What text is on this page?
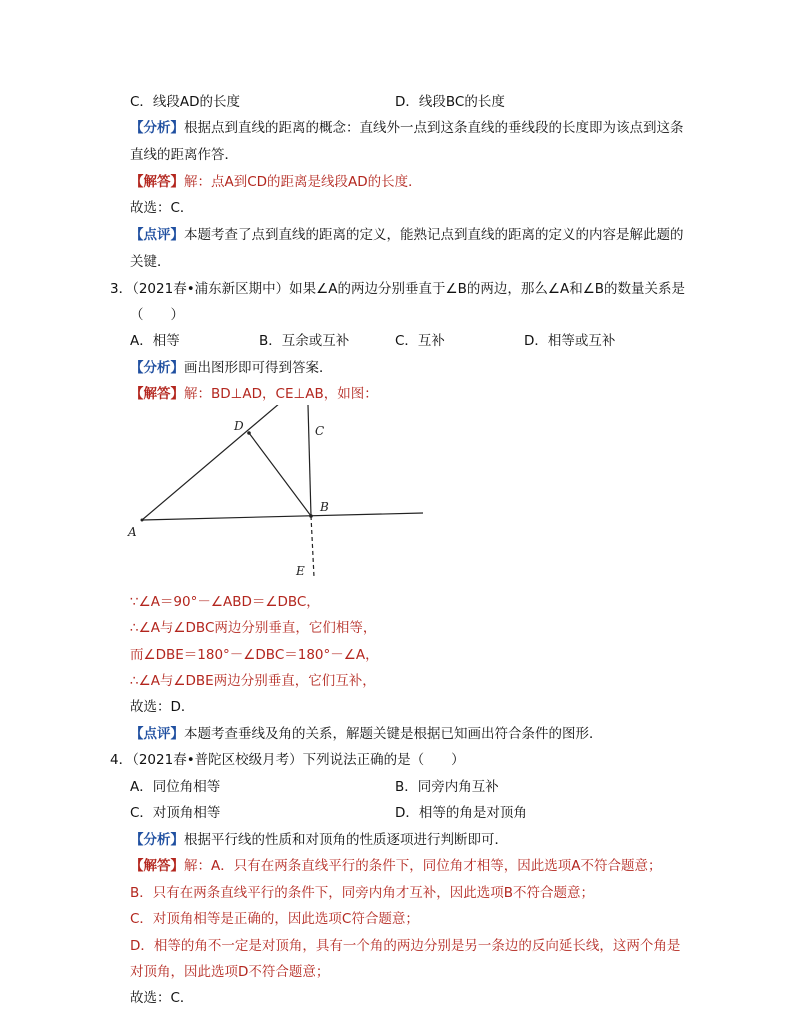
C．线段AD的长度	D．线段BC的长度
【分析】根据点到直线的距离的概念：直线外一点到这条直线的垂线段的长度即为该点到这条
直线的距离作答．
【解答】解：点A到CD的距离是线段AD的长度．
故选：C．
【点评】本题考查了点到直线的距离的定义，能熟记点到直线的距离的定义的内容是解此题的
关键．
3．（2021春•浦东新区期中）如果∠A的两边分别垂直于∠B的两边，那么∠A和∠B的数量关系是
（　　）
A．相等	B．互余或互补	C．互补	D．相等或互补
【分析】画出图形即可得到答案．
【解答】解：BD⊥AD，CE⊥AB，如图：
D	C
B
A
E
∵∠A＝90°－∠ABD＝∠DBC，
∴∠A与∠DBC两边分别垂直，它们相等，
而∠DBE＝180°－∠DBC＝180°－∠A，
∴∠A与∠DBE两边分别垂直，它们互补，
故选：D．
【点评】本题考查垂线及角的关系，解题关键是根据已知画出符合条件的图形．
4．（2021春•普陀区校级月考）下列说法正确的是（　　）
A．同位角相等	B．同旁内角互补
C．对顶角相等	D．相等的角是对顶角
【分析】根据平行线的性质和对顶角的性质逐项进行判断即可．
【解答】解：A．只有在两条直线平行的条件下，同位角才相等，因此选项A不符合题意；
B．只有在两条直线平行的条件下，同旁内角才互补，因此选项B不符合题意；
C．对顶角相等是正确的，因此选项C符合题意；
D．相等的角不一定是对顶角，具有一个角的两边分别是另一条边的反向延长线，这两个角是
对顶角，因此选项D不符合题意；
故选：C．
